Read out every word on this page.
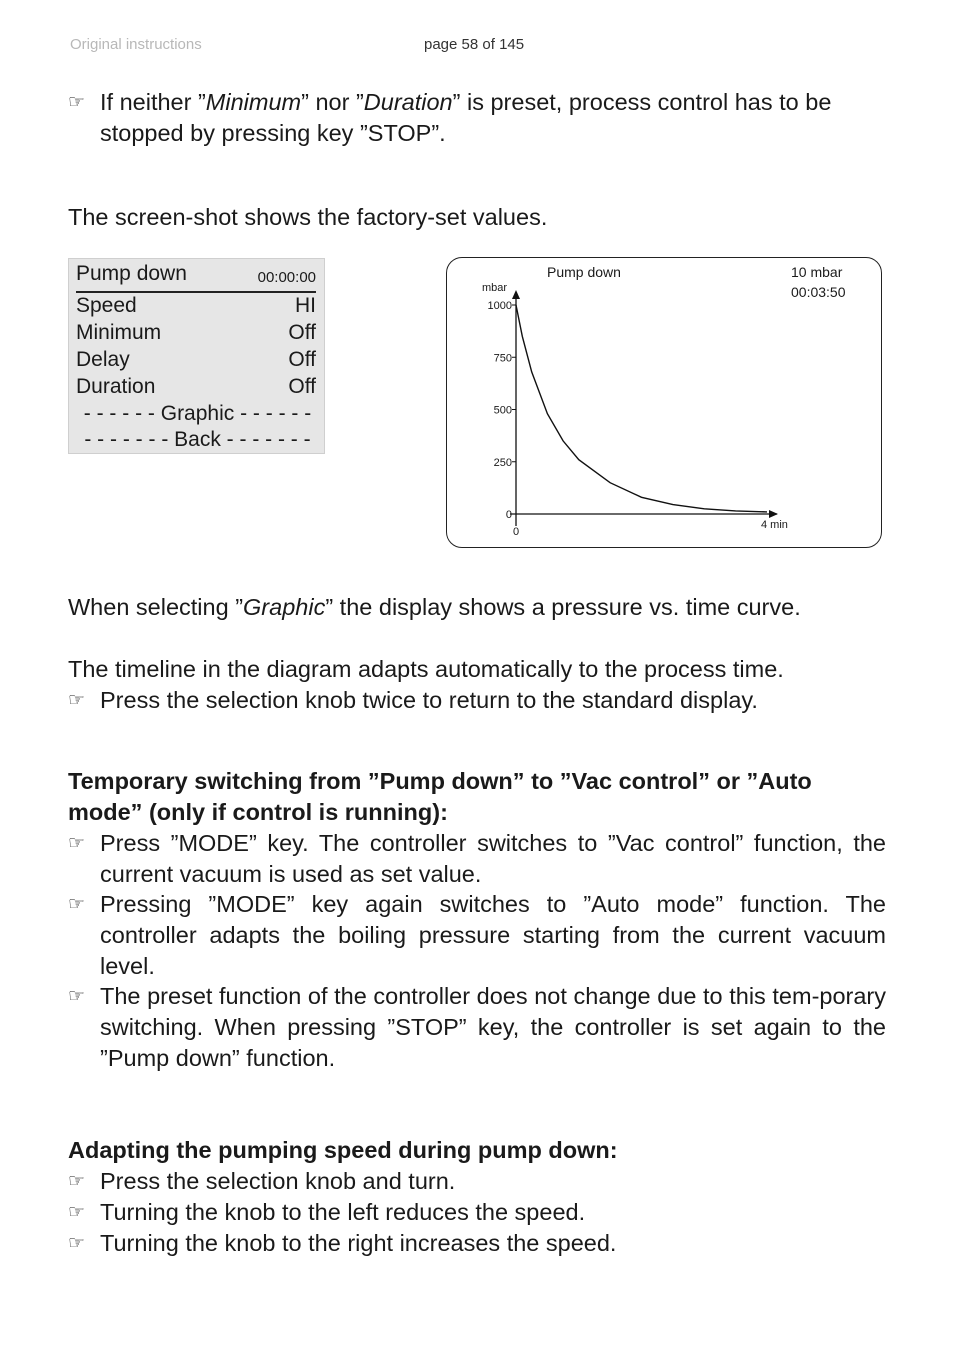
Original instructions	page 58 of 145
☞ If neither ”Minimum” nor ”Duration” is preset, process control has to be stopped by pressing key ”STOP”.
The screen-shot shows the factory-set values.
Pump down	00:00:00
Speed	HI
Minimum	Off
Delay	Off
Duration	Off
- - - - - - Graphic - - - - - -
- - - - - - - Back - - - - - - -
Pump down	10 mbar
00:03:50
mbar
1000
750
500
250
0
0
4 min
When selecting ”Graphic” the display shows a pressure vs. time curve.
The timeline in the diagram adapts automatically to the process time.
☞ Press the selection knob twice to return to the standard display.
Temporary switching from ”Pump down” to ”Vac control” or ”Auto mode” (only if control is running):
☞ Press ”MODE” key. The controller switches to ”Vac control” function, the current vacuum is used as set value.
☞ Pressing ”MODE” key again switches to ”Auto mode” function. The controller adapts the boiling pressure starting from the current vacuum level.
☞ The preset function of the controller does not change due to this tem-porary switching. When pressing ”STOP” key, the controller is set again to the ”Pump down” function.
Adapting the pumping speed during pump down:
☞ Press the selection knob and turn.
☞ Turning the knob to the left reduces the speed.
☞ Turning the knob to the right increases the speed.
